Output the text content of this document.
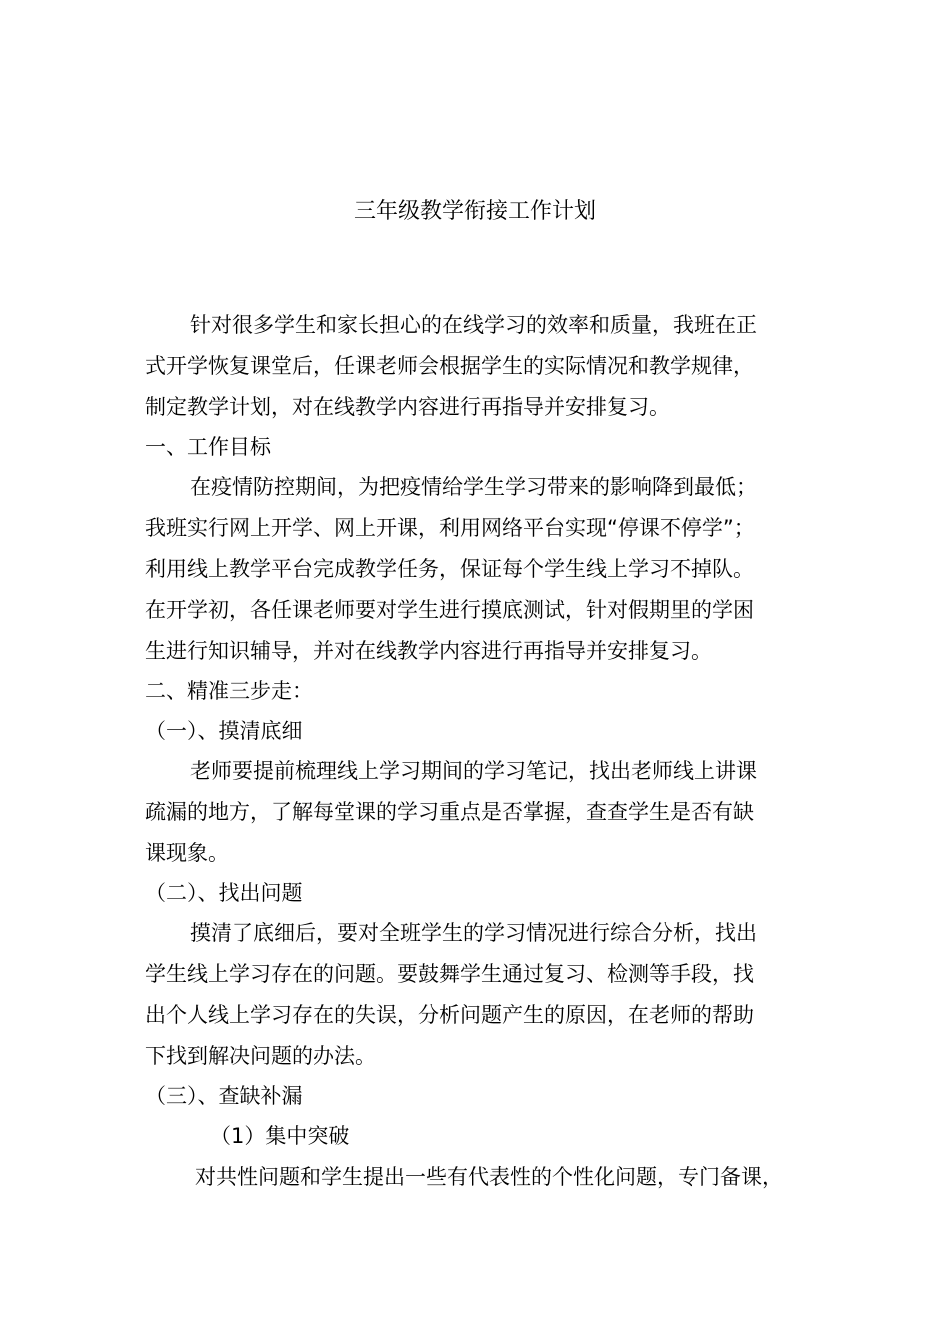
三年级教学衔接工作计划
针对很多学生和家长担心的在线学习的效率和质量，我班在正
式开学恢复课堂后，任课老师会根据学生的实际情况和教学规律，
制定教学计划，对在线教学内容进行再指导并安排复习。
一、工作目标
在疫情防控期间，为把疫情给学生学习带来的影响降到最低；
我班实行网上开学、网上开课，利用网络平台实现“停课不停学”；
利用线上教学平台完成教学任务，保证每个学生线上学习不掉队。
在开学初，各任课老师要对学生进行摸底测试，针对假期里的学困
生进行知识辅导，并对在线教学内容进行再指导并安排复习。
二、精准三步走：
（一）、摸清底细
老师要提前梳理线上学习期间的学习笔记，找出老师线上讲课
疏漏的地方，了解每堂课的学习重点是否掌握，查查学生是否有缺
课现象。
（二）、找出问题
摸清了底细后，要对全班学生的学习情况进行综合分析，找出
学生线上学习存在的问题。要鼓舞学生通过复习、检测等手段，找
出个人线上学习存在的失误，分析问题产生的原因，在老师的帮助
下找到解决问题的办法。
（三）、查缺补漏
（1）集中突破
对共性问题和学生提出一些有代表性的个性化问题，专门备课，
